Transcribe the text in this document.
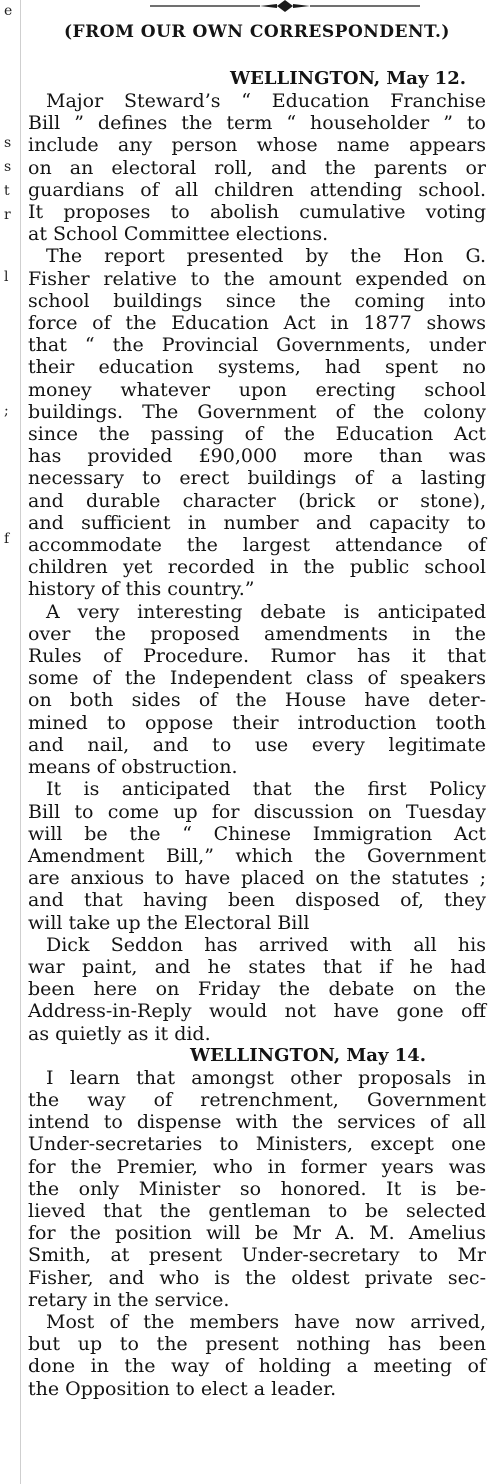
e
s
s
t
r
l
;
f
(FROM OUR OWN CORRESPONDENT.)
WELLINGTON, May 12.

Major Steward’s “ Education Franchise
Bill ” defines the term “ householder ” to
include any person whose name appears
on an electoral roll, and the parents or
guardians of all children attending school.
It proposes to abolish cumulative voting
at School Committee elections.

The report presented by the Hon G.
Fisher relative to the amount expended on
school buildings since the coming into
force of the Education Act in 1877 shows
that “ the Provincial Governments, under
their education systems, had spent no
money whatever upon erecting school
buildings. The Government of the colony
since the passing of the Education Act
has provided £90,000 more than was
necessary to erect buildings of a lasting
and durable character (brick or stone),
and sufficient in number and capacity to
accommodate the largest attendance of
children yet recorded in the public school
history of this country.”

A very interesting debate is anticipated
over the proposed amendments in the
Rules of Procedure. Rumor has it that
some of the Independent class of speakers
on both sides of the House have deter-
mined to oppose their introduction tooth
and nail, and to use every legitimate
means of obstruction.

It is anticipated that the first Policy
Bill to come up for discussion on Tuesday
will be the “ Chinese Immigration Act
Amendment Bill,” which the Government
are anxious to have placed on the statutes ;
and that having been disposed of, they
will take up the Electoral Bill

Dick Seddon has arrived with all his
war paint, and he states that if he had
been here on Friday the debate on the
Address-in-Reply would not have gone off
as quietly as it did.

WELLINGTON, May 14.

I learn that amongst other proposals in
the way of retrenchment, Government
intend to dispense with the services of all
Under-secretaries to Ministers, except one
for the Premier, who in former years was
the only Minister so honored. It is be-
lieved that the gentleman to be selected
for the position will be Mr A. M. Amelius
Smith, at present Under-secretary to Mr
Fisher, and who is the oldest private sec-
retary in the service.

Most of the members have now arrived,
but up to the present nothing has been
done in the way of holding a meeting of
the Opposition to elect a leader.
